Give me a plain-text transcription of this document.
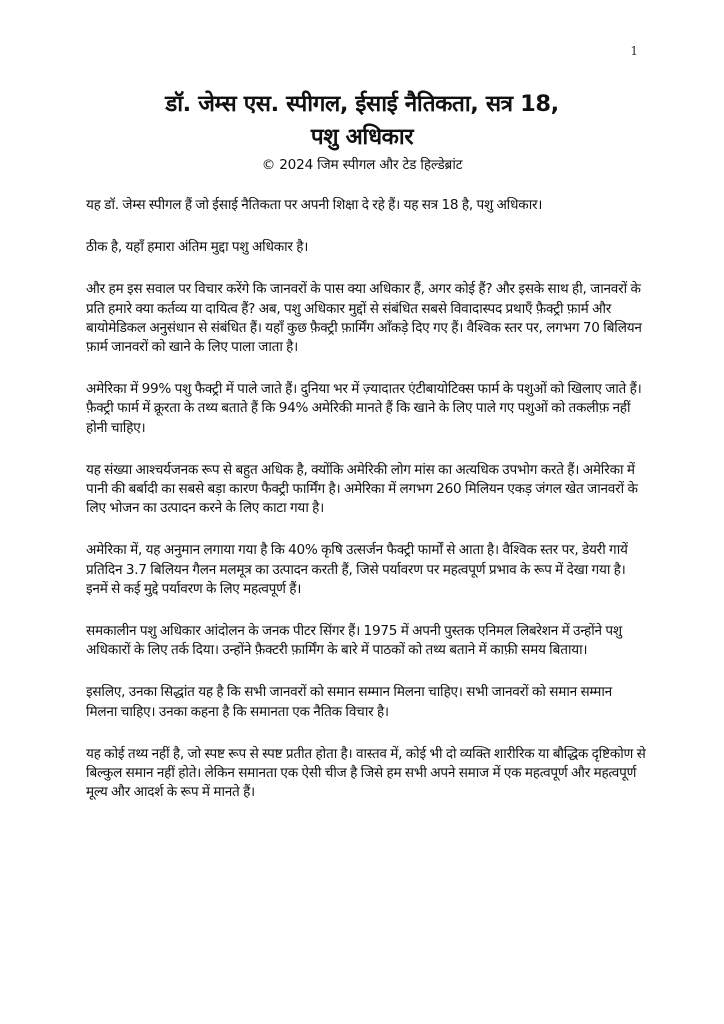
1
डॉ. जेम्स एस. स्पीगल, ईसाई नैतिकता, सत्र 18,
पशु अधिकार

© 2024 जिम स्पीगल और टेड हिल्डेब्रांट

यह डॉ. जेम्स स्पीगल हैं जो ईसाई नैतिकता पर अपनी शिक्षा दे रहे हैं। यह सत्र 18 है, पशु अधिकार।

ठीक है, यहाँ हमारा अंतिम मुद्दा पशु अधिकार है।

और हम इस सवाल पर विचार करेंगे कि जानवरों के पास क्या अधिकार हैं, अगर कोई हैं? और इसके साथ ही, जानवरों के प्रति हमारे क्या कर्तव्य या दायित्व हैं? अब, पशु अधिकार मुद्दों से संबंधित सबसे विवादास्पद प्रथाएँ फ़ैक्ट्री फ़ार्म और बायोमेडिकल अनुसंधान से संबंधित हैं। यहाँ कुछ फ़ैक्ट्री फ़ार्मिंग आँकड़े दिए गए हैं। वैश्विक स्तर पर, लगभग 70 बिलियन फ़ार्म जानवरों को खाने के लिए पाला जाता है।

अमेरिका में 99% पशु फैक्ट्री में पाले जाते हैं। दुनिया भर में ज़्यादातर एंटीबायोटिक्स फार्म के पशुओं को खिलाए जाते हैं। फ़ैक्ट्री फार्म में क्रूरता के तथ्य बताते हैं कि 94% अमेरिकी मानते हैं कि खाने के लिए पाले गए पशुओं को तकलीफ़ नहीं होनी चाहिए।

यह संख्या आश्चर्यजनक रूप से बहुत अधिक है, क्योंकि अमेरिकी लोग मांस का अत्यधिक उपभोग करते हैं। अमेरिका में पानी की बर्बादी का सबसे बड़ा कारण फैक्ट्री फार्मिंग है। अमेरिका में लगभग 260 मिलियन एकड़ जंगल खेत जानवरों के लिए भोजन का उत्पादन करने के लिए काटा गया है।

अमेरिका में, यह अनुमान लगाया गया है कि 40% कृषि उत्सर्जन फैक्ट्री फार्मों से आता है। वैश्विक स्तर पर, डेयरी गायें प्रतिदिन 3.7 बिलियन गैलन मलमूत्र का उत्पादन करती हैं, जिसे पर्यावरण पर महत्वपूर्ण प्रभाव के रूप में देखा गया है। इनमें से कई मुद्दे पर्यावरण के लिए महत्वपूर्ण हैं।

समकालीन पशु अधिकार आंदोलन के जनक पीटर सिंगर हैं। 1975 में अपनी पुस्तक एनिमल लिबरेशन में उन्होंने पशु अधिकारों के लिए तर्क दिया। उन्होंने फ़ैक्टरी फ़ार्मिंग के बारे में पाठकों को तथ्य बताने में काफ़ी समय बिताया।

इसलिए, उनका सिद्धांत यह है कि सभी जानवरों को समान सम्मान मिलना चाहिए। सभी जानवरों को समान सम्मान मिलना चाहिए। उनका कहना है कि समानता एक नैतिक विचार है।

यह कोई तथ्य नहीं है, जो स्पष्ट रूप से स्पष्ट प्रतीत होता है। वास्तव में, कोई भी दो व्यक्ति शारीरिक या बौद्धिक दृष्टिकोण से बिल्कुल समान नहीं होते। लेकिन समानता एक ऐसी चीज है जिसे हम सभी अपने समाज में एक महत्वपूर्ण और महत्वपूर्ण मूल्य और आदर्श के रूप में मानते हैं।
